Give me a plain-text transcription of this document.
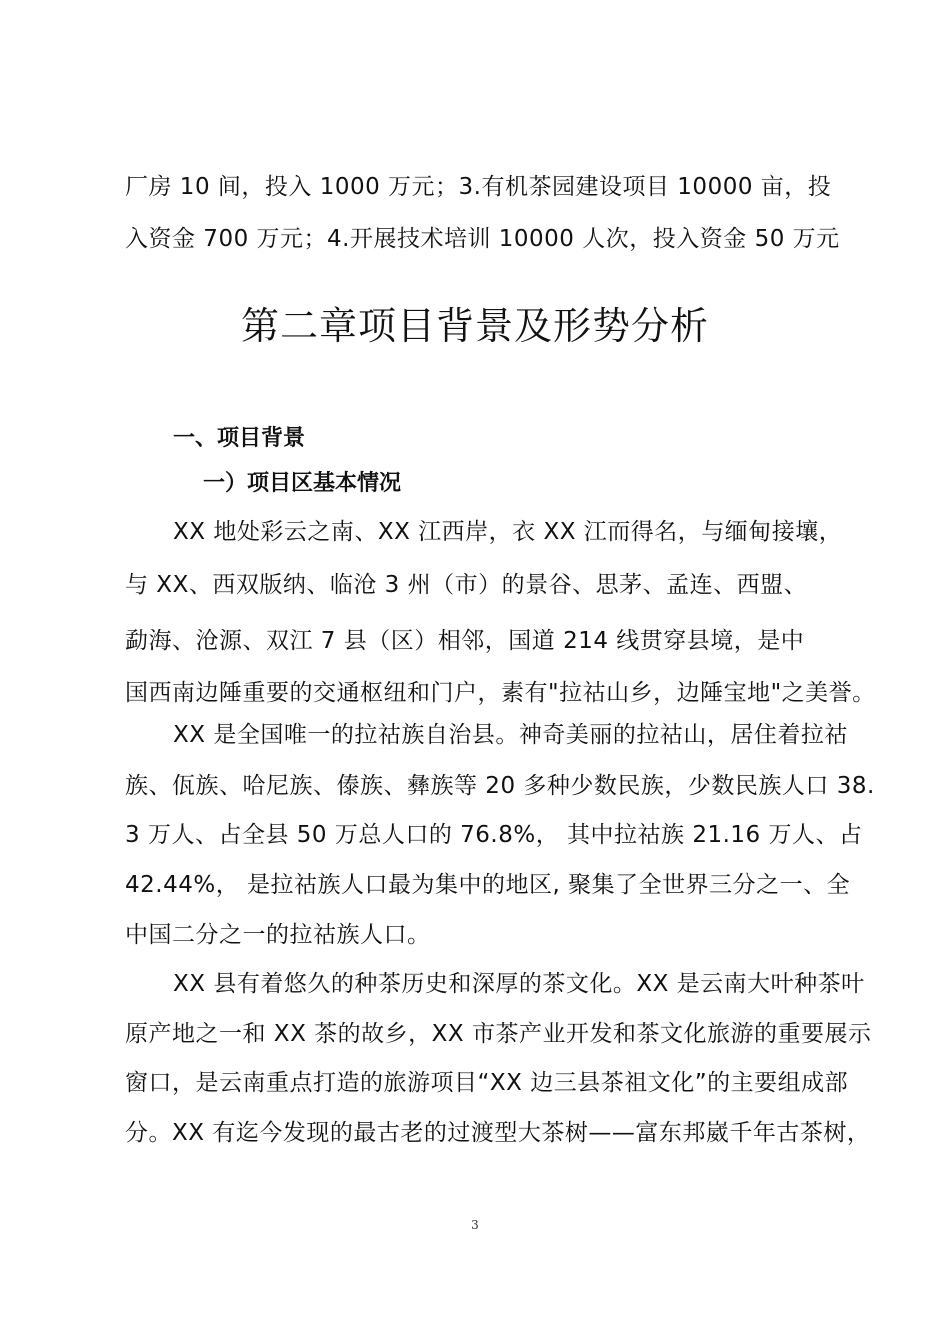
厂房 10 间，投入 1000 万元；3.有机茶园建设项目 10000 亩，投
入资金 700 万元；4.开展技术培训 10000 人次，投入资金 50 万元
第二章项目背景及形势分析
一、项目背景
一）项目区基本情况
XX 地处彩云之南、XX 江西岸，衣 XX 江而得名，与缅甸接壤，
与 XX、西双版纳、临沧 3 州（市）的景谷、思茅、孟连、西盟、
勐海、沧源、双江 7 县（区）相邻，国道 214 线贯穿县境，是中
国西南边陲重要的交通枢纽和门户，素有"拉祜山乡，边陲宝地"之美誉。
XX 是全国唯一的拉祜族自治县。神奇美丽的拉祜山，居住着拉祜
族、佤族、哈尼族、傣族、彝族等 20 多种少数民族，少数民族人口 38.
3 万人、占全县 50 万总人口的 76.8%， 其中拉祜族 21.16 万人、占
42.44%， 是拉祜族人口最为集中的地区, 聚集了全世界三分之一、全
中国二分之一的拉祜族人口。
XX 县有着悠久的种茶历史和深厚的茶文化。XX 是云南大叶种茶叶
原产地之一和 XX 茶的故乡，XX 市茶产业开发和茶文化旅游的重要展示
窗口，是云南重点打造的旅游项目“XX 边三县茶祖文化”的主要组成部
分。XX 有迄今发现的最古老的过渡型大茶树——富东邦崴千年古茶树，
3
